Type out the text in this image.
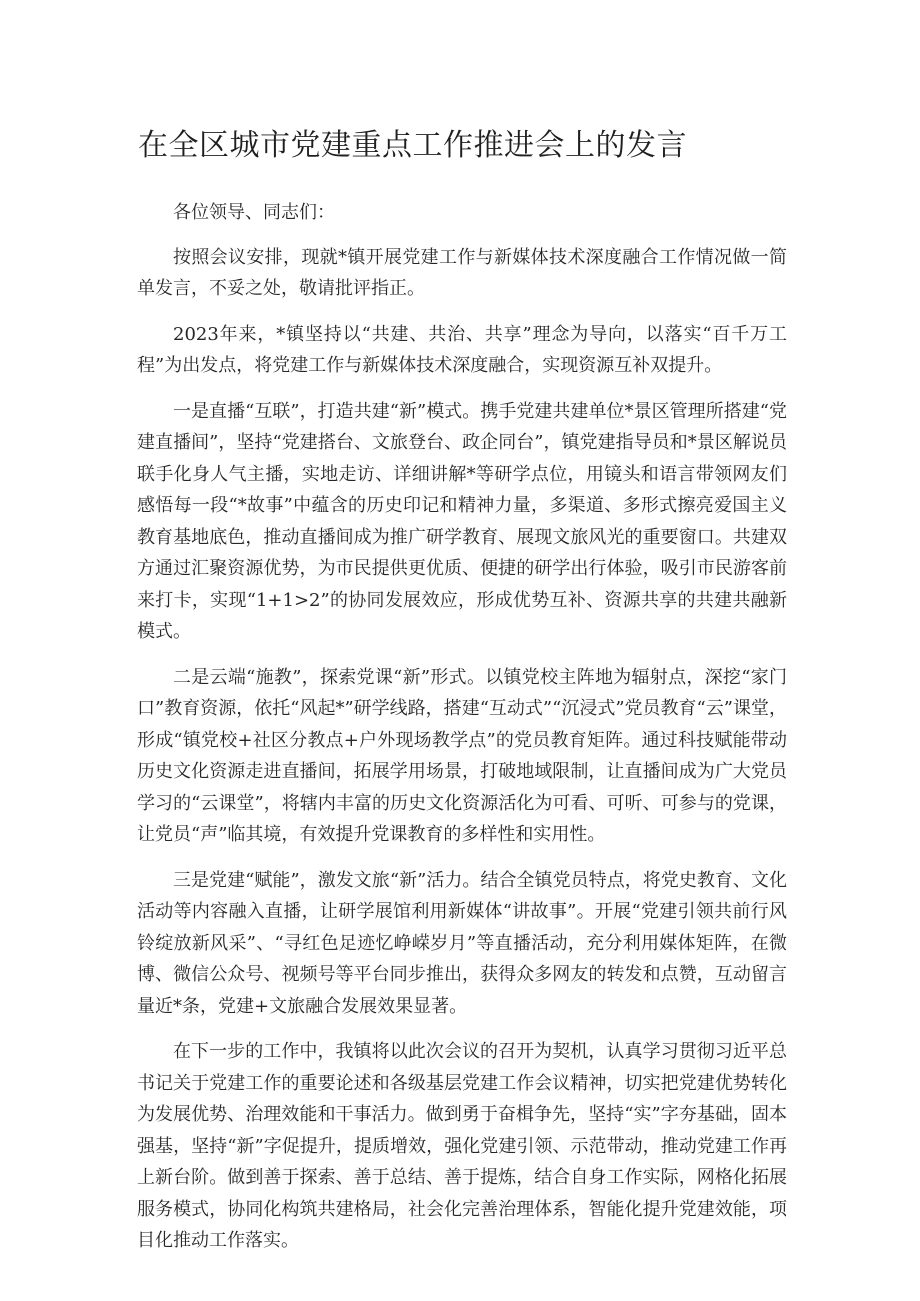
在全区城市党建重点工作推进会上的发言

各位领导、同志们：

按照会议安排，现就*镇开展党建工作与新媒体技术深度融合工作情况做一简单发言，不妥之处，敬请批评指正。

2023年来，*镇坚持以“共建、共治、共享”理念为导向，以落实“百千万工程”为出发点，将党建工作与新媒体技术深度融合，实现资源互补双提升。

一是直播“互联”，打造共建“新”模式。携手党建共建单位*景区管理所搭建“党建直播间”，坚持“党建搭台、文旅登台、政企同台”，镇党建指导员和*景区解说员联手化身人气主播，实地走访、详细讲解*等研学点位，用镜头和语言带领网友们感悟每一段“*故事”中蕴含的历史印记和精神力量，多渠道、多形式擦亮爱国主义教育基地底色，推动直播间成为推广研学教育、展现文旅风光的重要窗口。共建双方通过汇聚资源优势，为市民提供更优质、便捷的研学出行体验，吸引市民游客前来打卡，实现“1+1>2”的协同发展效应，形成优势互补、资源共享的共建共融新模式。

二是云端“施教”，探索党课“新”形式。以镇党校主阵地为辐射点，深挖“家门口”教育资源，依托“风起*”研学线路，搭建“互动式”“沉浸式”党员教育“云”课堂，形成“镇党校+社区分教点+户外现场教学点”的党员教育矩阵。通过科技赋能带动历史文化资源走进直播间，拓展学用场景，打破地域限制，让直播间成为广大党员学习的“云课堂”，将辖内丰富的历史文化资源活化为可看、可听、可参与的党课，让党员“声”临其境，有效提升党课教育的多样性和实用性。

三是党建“赋能”，激发文旅“新”活力。结合全镇党员特点，将党史教育、文化活动等内容融入直播，让研学展馆利用新媒体“讲故事”。开展“党建引领共前行风铃绽放新风采”、“寻红色足迹忆峥嵘岁月”等直播活动，充分利用媒体矩阵，在微博、微信公众号、视频号等平台同步推出，获得众多网友的转发和点赞，互动留言量近*条，党建+文旅融合发展效果显著。

在下一步的工作中，我镇将以此次会议的召开为契机，认真学习贯彻习近平总书记关于党建工作的重要论述和各级基层党建工作会议精神，切实把党建优势转化为发展优势、治理效能和干事活力。做到勇于奋楫争先，坚持“实”字夯基础，固本强基，坚持“新”字促提升，提质增效，强化党建引领、示范带动，推动党建工作再上新台阶。做到善于探索、善于总结、善于提炼，结合自身工作实际，网格化拓展服务模式，协同化构筑共建格局，社会化完善治理体系，智能化提升党建效能，项目化推动工作落实。
